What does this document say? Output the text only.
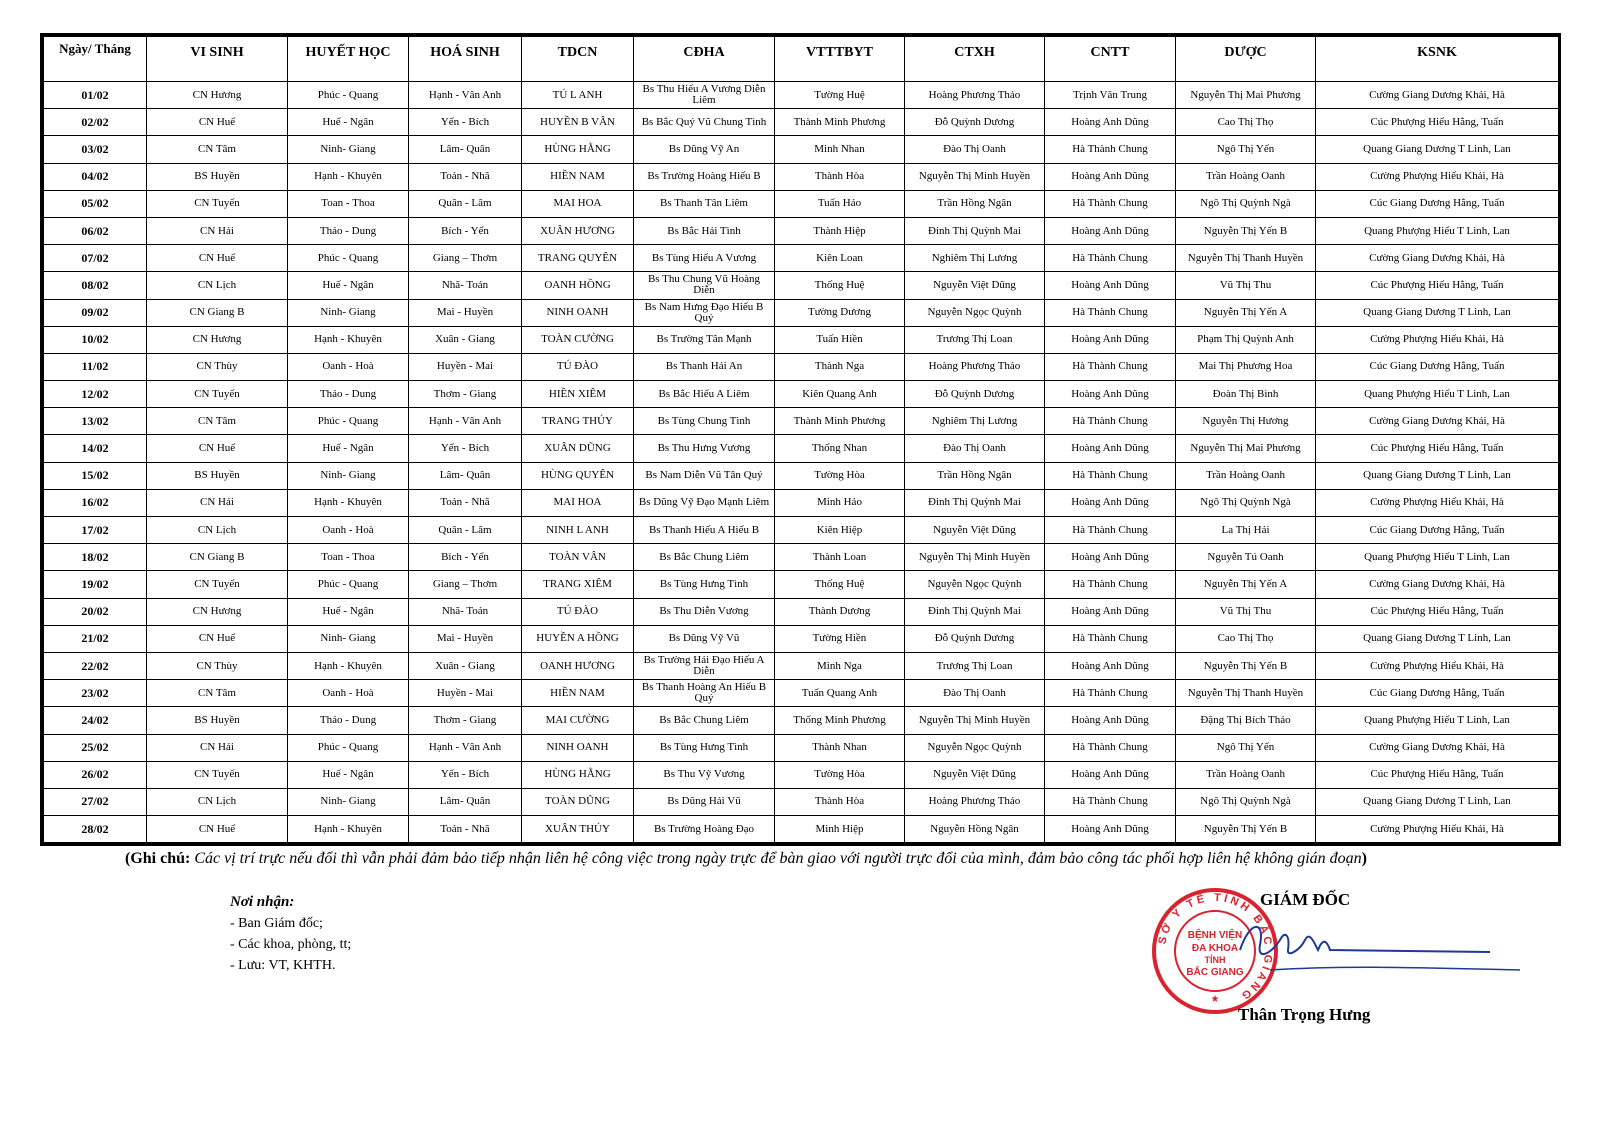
Ngày/ Tháng	VI SINH	HUYẾT HỌC	HOÁ SINH	TDCN	CĐHA	VTTTBYT	CTXH	CNTT	DƯỢC	KSNK
01/02	CN Hương	Phúc - Quang	Hạnh - Vân Anh	TÚ L ANH	Bs Thu Hiếu A Vương Diễn Liêm	Tường Huệ	Hoàng Phương Thảo	Trịnh Văn Trung	Nguyễn Thị Mai Phương	Cường Giang Dương Khải, Hà
02/02	CN Huế	Huế - Ngân	Yến - Bích	HUYỀN B VÂN	Bs Bắc Quý Vũ Chung Tình	Thành Minh Phương	Đỗ Quỳnh Dương	Hoàng Anh Dũng	Cao Thị Thọ	Cúc Phượng Hiếu Hằng, Tuấn
03/02	CN Tâm	Ninh- Giang	Lâm- Quân	HÙNG HẰNG	Bs Dũng Vỹ An	Minh Nhan	Đào Thị Oanh	Hà Thành Chung	Ngô Thị Yến	Quang Giang Dương T Linh, Lan
04/02	BS Huyền	Hạnh - Khuyên	Toản - Nhã	HIỀN NAM	Bs Trường Hoàng Hiếu B	Thành Hòa	Nguyễn Thị Minh Huyền	Hoàng Anh Dũng	Trần Hoàng Oanh	Cường Phượng Hiếu Khải, Hà
05/02	CN Tuyến	Toan - Thoa	Quân - Lâm	MAI HOA	Bs Thanh Tân Liêm	Tuấn Hảo	Trần Hồng Ngân	Hà Thành Chung	Ngô Thị Quỳnh Ngà	Cúc Giang Dương Hằng, Tuấn
06/02	CN Hải	Thảo - Dung	Bích - Yến	XUÂN HƯƠNG	Bs Bắc Hải Tình	Thành Hiệp	Đinh Thị Quỳnh Mai	Hoàng Anh Dũng	Nguyễn Thị Yến B	Quang Phượng Hiếu T Linh, Lan
07/02	CN Huế	Phúc - Quang	Giang – Thơm	TRANG QUYÊN	Bs Tùng Hiếu A Vương	Kiên Loan	Nghiêm Thị Lương	Hà Thành Chung	Nguyễn Thị Thanh Huyền	Cường Giang Dương Khải, Hà
08/02	CN Lịch	Huế - Ngân	Nhã- Toản	OANH HỒNG	Bs Thu Chung Vũ Hoàng Diễn	Thống Huệ	Nguyễn Việt Dũng	Hoàng Anh Dũng	Vũ Thị Thu	Cúc Phượng Hiếu Hằng, Tuấn
09/02	CN Giang B	Ninh- Giang	Mai - Huyền	NINH OANH	Bs Nam Hưng Đạo Hiếu B Quý	Tường Dương	Nguyễn Ngọc Quỳnh	Hà Thành Chung	Nguyễn Thị Yến A	Quang Giang Dương T Linh, Lan
10/02	CN Hương	Hạnh - Khuyên	Xuân - Giang	TOÀN CƯỜNG	Bs Trường Tân Mạnh	Tuấn Hiền	Trương Thị Loan	Hoàng Anh Dũng	Phạm Thị Quỳnh Anh	Cường Phượng Hiếu Khải, Hà
11/02	CN Thùy	Oanh - Hoà	Huyền - Mai	TÚ ĐÀO	Bs Thanh Hải An	Thành Nga	Hoàng Phương Thảo	Hà Thành Chung	Mai Thị Phương Hoa	Cúc Giang Dương Hằng, Tuấn
12/02	CN Tuyến	Thảo - Dung	Thơm - Giang	HIỀN XIÊM	Bs Bắc Hiếu A Liêm	Kiên Quang Anh	Đỗ Quỳnh Dương	Hoàng Anh Dũng	Đoàn Thị Bình	Quang Phượng Hiếu T Linh, Lan
13/02	CN Tâm	Phúc - Quang	Hạnh - Vân Anh	TRANG THÚY	Bs Tùng Chung Tình	Thành Minh Phương	Nghiêm Thị Lương	Hà Thành Chung	Nguyễn Thị Hương	Cường Giang Dương Khải, Hà
14/02	CN Huế	Huế - Ngân	Yến - Bích	XUÂN DŨNG	Bs Thu Hưng Vương	Thống Nhan	Đào Thị Oanh	Hoàng Anh Dũng	Nguyễn Thị Mai Phương	Cúc Phượng Hiếu Hằng, Tuấn
15/02	BS Huyền	Ninh- Giang	Lâm- Quân	HÙNG QUYÊN	Bs Nam Diễn Vũ Tân Quý	Tường Hòa	Trần Hồng Ngân	Hà Thành Chung	Trần Hoàng Oanh	Quang Giang Dương T Linh, Lan
16/02	CN Hải	Hạnh - Khuyên	Toản - Nhã	MAI HOA	Bs Dũng Vỹ Đạo Mạnh Liêm	Minh Hảo	Đinh Thị Quỳnh Mai	Hoàng Anh Dũng	Ngô Thị Quỳnh Ngà	Cường Phượng Hiếu Khải, Hà
17/02	CN Lịch	Oanh - Hoà	Quân - Lâm	NINH L ANH	Bs Thanh Hiếu A Hiếu B	Kiên Hiệp	Nguyễn Việt Dũng	Hà Thành Chung	La Thị Hải	Cúc Giang Dương Hằng, Tuấn
18/02	CN Giang B	Toan - Thoa	Bích - Yến	TOÀN VÂN	Bs Bắc Chung Liêm	Thành Loan	Nguyễn Thị Minh Huyền	Hoàng Anh Dũng	Nguyễn Tú Oanh	Quang Phượng Hiếu T Linh, Lan
19/02	CN Tuyến	Phúc - Quang	Giang – Thơm	TRANG XIÊM	Bs Tùng Hưng Tình	Thống Huệ	Nguyễn Ngọc Quỳnh	Hà Thành Chung	Nguyễn Thị Yến A	Cường Giang Dương Khải, Hà
20/02	CN Hương	Huế - Ngân	Nhã- Toản	TÚ ĐÀO	Bs Thu Diễn Vương	Thành Dương	Đinh Thị Quỳnh Mai	Hoàng Anh Dũng	Vũ Thị Thu	Cúc Phượng Hiếu Hằng, Tuấn
21/02	CN Huế	Ninh- Giang	Mai - Huyền	HUYỀN A HỒNG	Bs Dũng Vỹ Vũ	Tường Hiền	Đỗ Quỳnh Dương	Hà Thành Chung	Cao Thị Thọ	Quang Giang Dương T Linh, Lan
22/02	CN Thùy	Hạnh - Khuyên	Xuân - Giang	OANH HƯƠNG	Bs Trường Hải Đạo Hiếu A Diễn	Minh Nga	Trương Thị Loan	Hoàng Anh Dũng	Nguyễn Thị Yến B	Cường Phượng Hiếu Khải, Hà
23/02	CN Tâm	Oanh - Hoà	Huyền - Mai	HIỀN NAM	Bs Thanh Hoàng An Hiếu B Quý	Tuấn Quang Anh	Đào Thị Oanh	Hà Thành Chung	Nguyễn Thị Thanh Huyền	Cúc Giang Dương Hằng, Tuấn
24/02	BS Huyền	Thảo - Dung	Thơm - Giang	MAI CƯỜNG	Bs Bắc Chung Liêm	Thống Minh Phương	Nguyễn Thị Minh Huyền	Hoàng Anh Dũng	Đặng Thị Bích Thảo	Quang Phượng Hiếu T Linh, Lan
25/02	CN Hải	Phúc - Quang	Hạnh - Vân Anh	NINH OANH	Bs Tùng Hưng Tình	Thành Nhan	Nguyễn Ngọc Quỳnh	Hà Thành Chung	Ngô Thị Yến	Cường Giang Dương Khải, Hà
26/02	CN Tuyến	Huế - Ngân	Yến - Bích	HÙNG HẰNG	Bs Thu Vỹ Vương	Tường Hòa	Nguyễn Việt Dũng	Hoàng Anh Dũng	Trần Hoàng Oanh	Cúc Phượng Hiếu Hằng, Tuấn
27/02	CN Lịch	Ninh- Giang	Lâm- Quân	TOÀN DŨNG	Bs Dũng Hải Vũ	Thành Hòa	Hoàng Phương Thảo	Hà Thành Chung	Ngô Thị Quỳnh Ngà	Quang Giang Dương T Linh, Lan
28/02	CN Huế	Hạnh - Khuyên	Toản - Nhã	XUÂN THÚY	Bs Trường Hoàng Đạo	Minh Hiệp	Nguyễn Hồng Ngân	Hoàng Anh Dũng	Nguyễn Thị Yến B	Cường Phượng Hiếu Khải, Hà
(Ghi chú: Các vị trí trực nếu đổi thì vẫn phải đảm bảo tiếp nhận liên hệ công việc trong ngày trực để bàn giao với người trực đổi của mình, đảm bảo công tác phối hợp liên hệ không gián đoạn)
Nơi nhận:
- Ban Giám đốc;
- Các khoa, phòng, tt;
- Lưu: VT, KHTH.
SỞ Y TẾ TỈNH BẮC GIANG
BỆNH VIỆN
ĐA KHOA
TỈNH
BẮC GIANG
★
GIÁM ĐỐC
Thân Trọng Hưng
